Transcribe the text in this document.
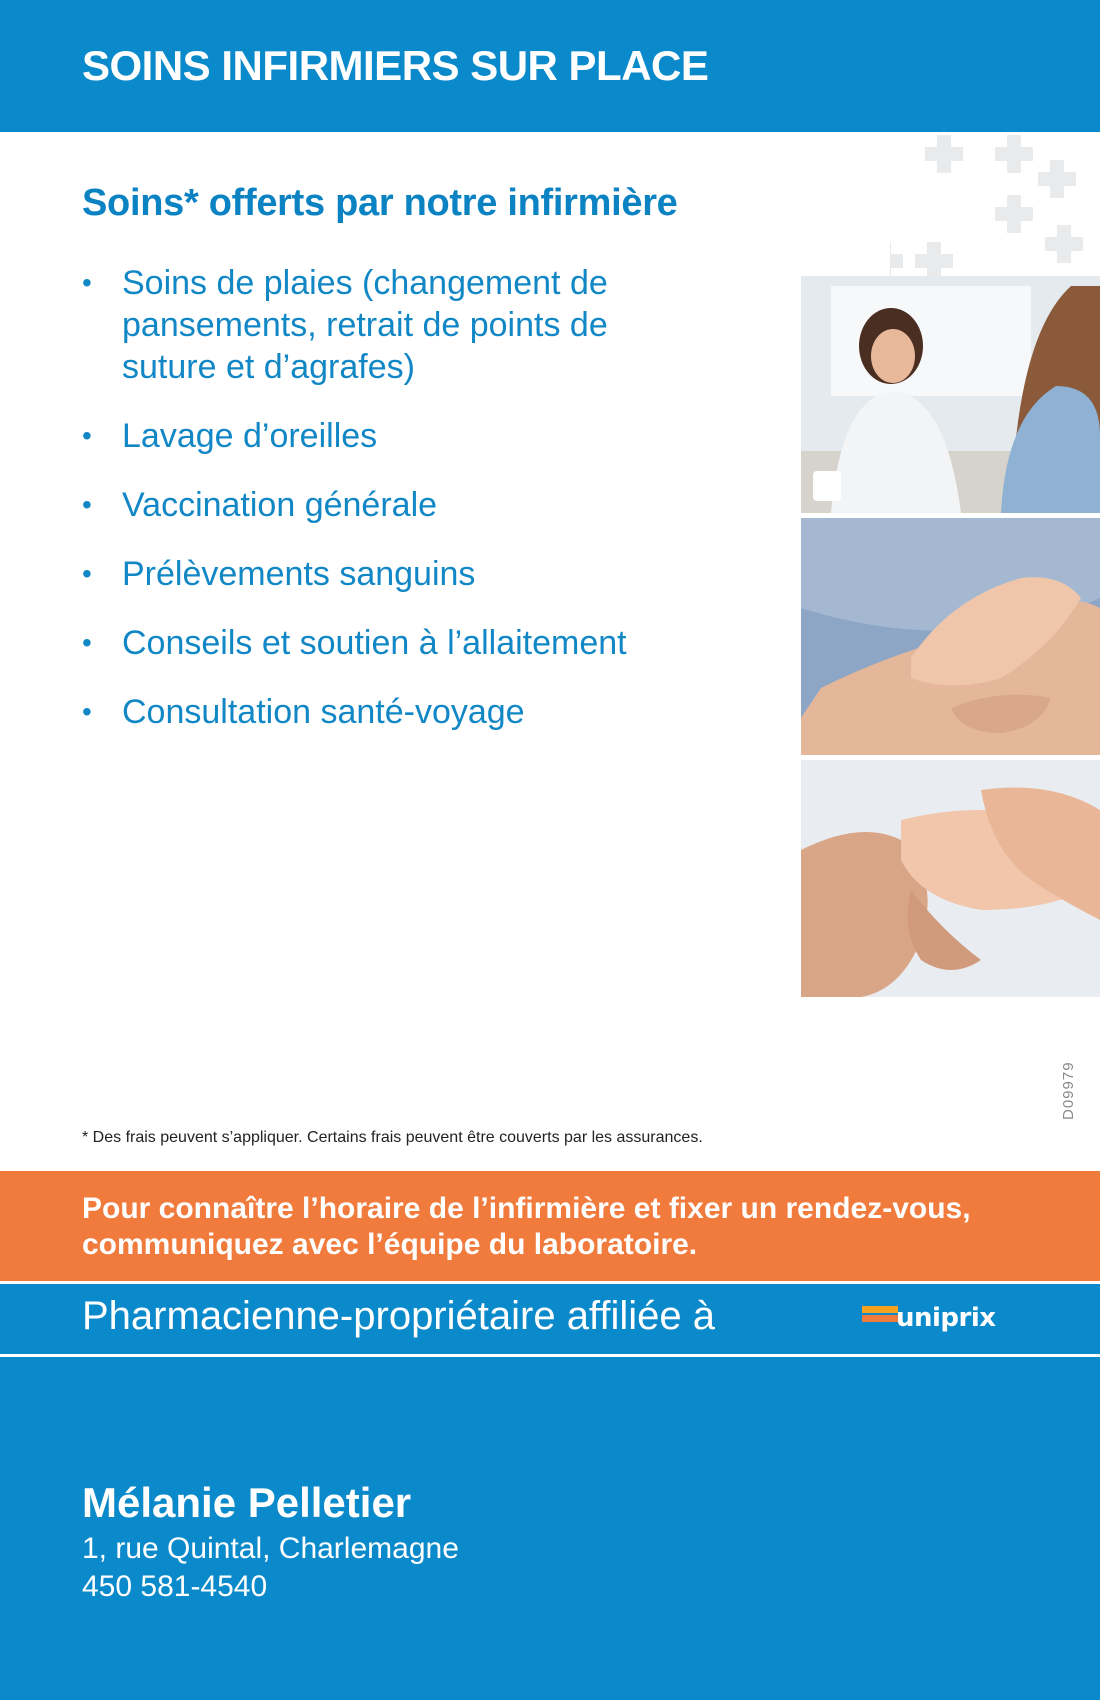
SOINS INFIRMIERS SUR PLACE
Soins* offerts par notre infirmière
• Soins de plaies (changement de pansements, retrait de points de suture et d’agrafes)
• Lavage d’oreilles
• Vaccination générale
• Prélèvements sanguins
• Conseils et soutien à l’allaitement
• Consultation santé-voyage

* Des frais peuvent s’appliquer. Certains frais peuvent être couverts par les assurances.

D09979

Pour connaître l’horaire de l’infirmière et fixer un rendez-vous,
communiquez avec l’équipe du laboratoire.

Pharmacienne-propriétaire affiliée à	uniprix
Mélanie Pelletier

1, rue Quintal, Charlemagne

450 581-4540
